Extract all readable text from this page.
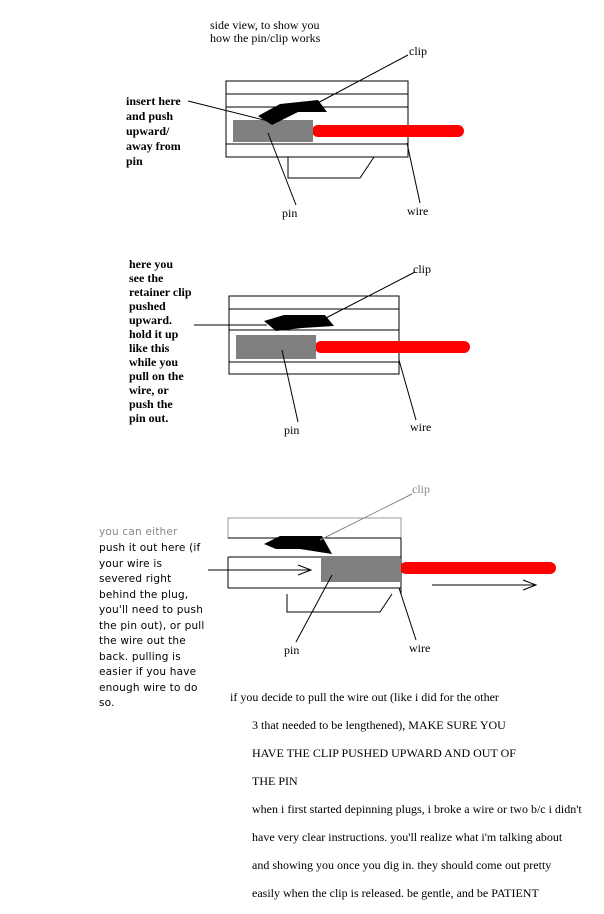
side view, to show you
how the pin/clip works

insert here
and push
upward/
away from
pin

clip

pin	wire

here you
see the
retainer clip
pushed
upward.
hold it up
like this
while you
pull on the
wire, or
push the
pin out.

clip

pin	wire

you can either

push it out here (if
your wire is
severed right
behind the plug,
you'll need to push
the pin out), or pull
the wire out the
back. pulling is
easier if you have
enough wire to do
so.

clip

pin	wire

if you decide to pull the wire out (like i did for the other

3 that needed to be lengthened), MAKE SURE YOU

HAVE THE CLIP PUSHED UPWARD AND OUT OF

THE PIN

when i first started depinning plugs, i broke a wire or two b/c i didn't

have very clear instructions. you'll realize what i'm talking about

and showing you once you dig in. they should come out pretty

easily when the clip is released. be gentle, and be PATIENT
